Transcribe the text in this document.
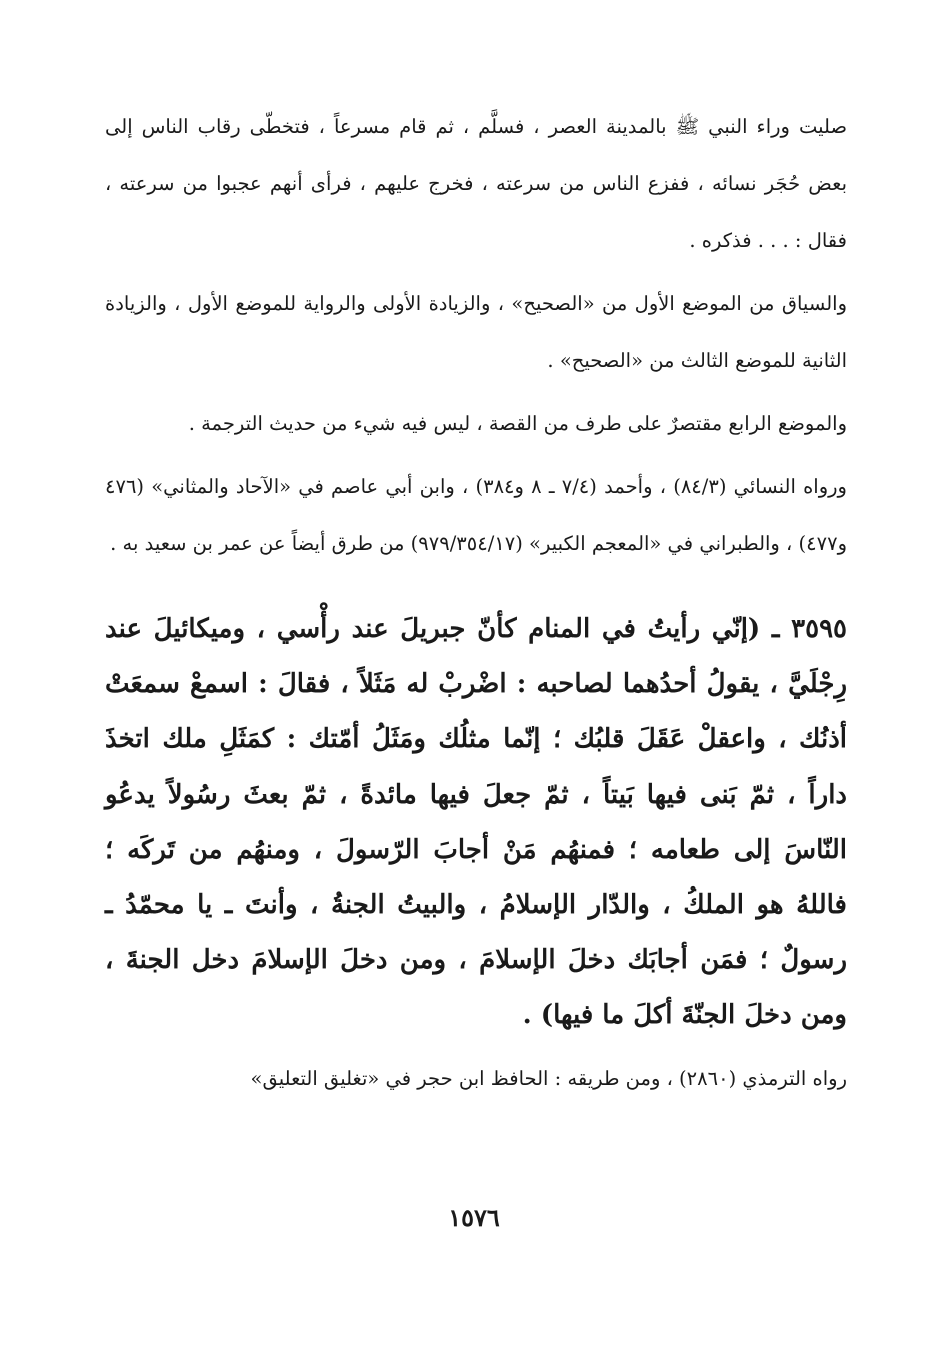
صليت وراء النبي ﷺ بالمدينة العصر ، فسلَّم ، ثم قام مسرعاً ، فتخطّى رقاب الناس إلى بعض حُجَر نسائه ، ففزع الناس من سرعته ، فخرج عليهم ، فرأى أنهم عجبوا من سرعته ، فقال : . . . فذكره .

والسياق من الموضع الأول من «الصحيح» ، والزيادة الأولى والرواية للموضع الأول ، والزيادة الثانية للموضع الثالث من «الصحيح» .

والموضع الرابع مقتصرٌ على طرف من القصة ، ليس فيه شيء من حديث الترجمة .

ورواه النسائي (٨٤/٣) ، وأحمد (٧/٤ ـ ٨ و٣٨٤) ، وابن أبي عاصم في «الآحاد والمثاني» (٤٧٦ و٤٧٧) ، والطبراني في «المعجم الكبير» (٩٧٩/٣٥٤/١٧) من طرق أيضاً عن عمر بن سعيد به .

٣٥٩٥ ـ (إنّي رأيتُ في المنام كأنّ جبريلَ عند رأْسي ، وميكائيلَ عند رِجْلَيَّ ، يقولُ أحدُهما لصاحبه : اضْربْ له مَثَلاً ، فقالَ : اسمعْ سمعَتْ أذنُك ، واعقلْ عَقَلَ قلبُك ؛ إنّما مثلُك ومَثَلُ أمّتك : كمَثَلِ ملك اتخذَ داراً ، ثمّ بَنى فيها بَيتاً ، ثمّ جعلَ فيها مائدةً ، ثمّ بعثَ رسُولاً يدعُو النّاسَ إلى طعامه ؛ فمنهُم مَنْ أجابَ الرّسولَ ، ومنهُم من تَركَه ؛ فاللهُ هو الملكُ ، والدّار الإسلامُ ، والبيتُ الجنةُ ، وأنتَ ـ يا محمّدُ ـ رسولٌ ؛ فمَن أجابَك دخلَ الإسلامَ ، ومن دخلَ الإسلامَ دخل الجنةَ ، ومن دخلَ الجنّةَ أكلَ ما فيها) .

رواه الترمذي (٢٨٦٠) ، ومن طريقه : الحافظ ابن حجر في «تغليق التعليق»

١٥٧٦
